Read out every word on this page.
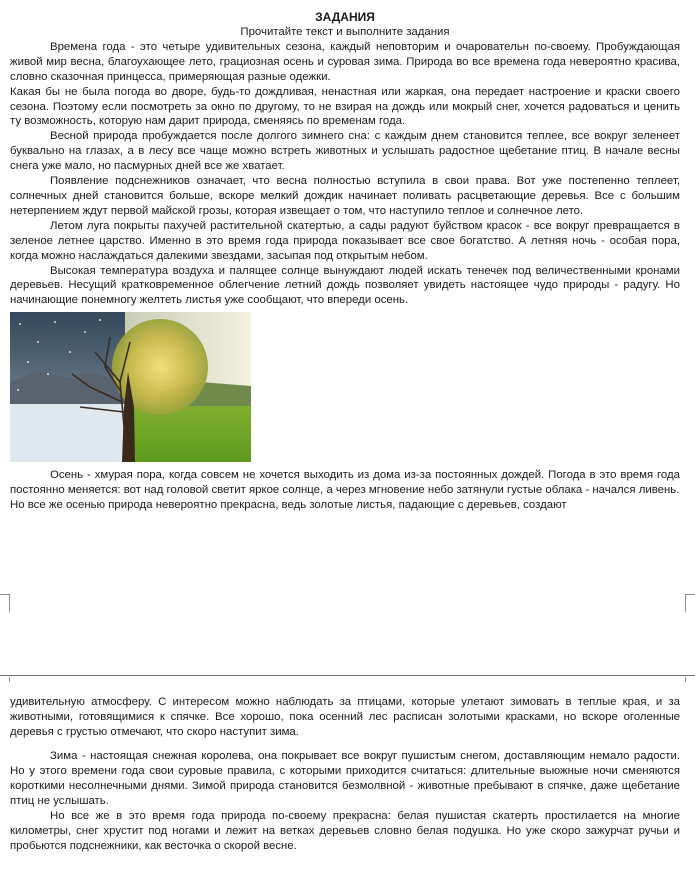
ЗАДАНИЯ

Прочитайте текст и выполните задания

Времена года - это четыре удивительных сезона, каждый неповторим и очаровательн по-своему. Пробуждающая живой мир весна, благоухающее лето, грациозная осень и суровая зима. Природа во все времена года невероятно красива, словно сказочная принцесса, примеряющая разные одежки.

Какая бы не была погода во дворе, будь-то дождливая, ненастная или жаркая, она передает настроение и краски своего сезона. Поэтому если посмотреть за окно по другому, то не взирая на дождь или мокрый снег, хочется радоваться и ценить ту возможность, которую нам дарит природа, сменяясь по временам года.

Весной природа пробуждается после долгого зимнего сна: с каждым днем становится теплее, все вокруг зеленеет буквально на глазах, а в лесу все чаще можно встреть животных и услышать радостное щебетание птиц. В начале весны снега уже мало, но пасмурных дней все же хватает.

Появление подснежников означает, что весна полностью вступила в свои права. Вот уже постепенно теплеет, солнечных дней становится больше, вскоре мелкий дождик начинает поливать расцветающие деревья. Все с большим нетерпением ждут первой майской грозы, которая извещает о том, что наступило теплое и солнечное лето.

Летом луга покрыты пахучей растительной скатертью, а сады радуют буйством красок - все вокруг превращается в зеленое летнее царство. Именно в это время года природа показывает все свое богатство. А летняя ночь - особая пора, когда можно наслаждаться далекими звездами, засыпая под открытым небом.

Высокая температура воздуха и палящее солнце вынуждают людей искать тенечек под величественными кронами деревьев. Несущий кратковременное облегчение летний дождь позволяет увидеть настоящее чудо природы - радугу. Но начинающие понемногу желтеть листья уже сообщают, что впереди осень.

Осень - хмурая пора, когда совсем не хочется выходить из дома из-за постоянных дождей. Погода в это время года постоянно меняется: вот над головой светит яркое солнце, а через мгновение небо затянули густые облака - начался ливень.

Но все же осенью природа невероятно прекрасна, ведь золотые листья, падающие с деревьев, создают

удивительную атмосферу. С интересом можно наблюдать за птицами, которые улетают зимовать в теплые края, и за животными, готовящимися к спячке. Все хорошо, пока осенний лес расписан золотыми красками, но вскоре оголенные деревья с грустью отмечают, что скоро наступит зима.

Зима - настоящая снежная королева, она покрывает все вокруг пушистым снегом, доставляющим немало радости. Но у этого времени года свои суровые правила, с которыми приходится считаться: длительные вьюжные ночи сменяются короткими несолнечными днями. Зимой природа становится безмолвной - животные пребывают в спячке, даже щебетание птиц не услышать.

Но все же в это время года природа по-своему прекрасна: белая пушистая скатерть простилается на многие километры, снег хрустит под ногами и лежит на ветках деревьев словно белая подушка. Но уже скоро зажурчат ручьи и пробьются подснежники, как весточка о скорой весне.
